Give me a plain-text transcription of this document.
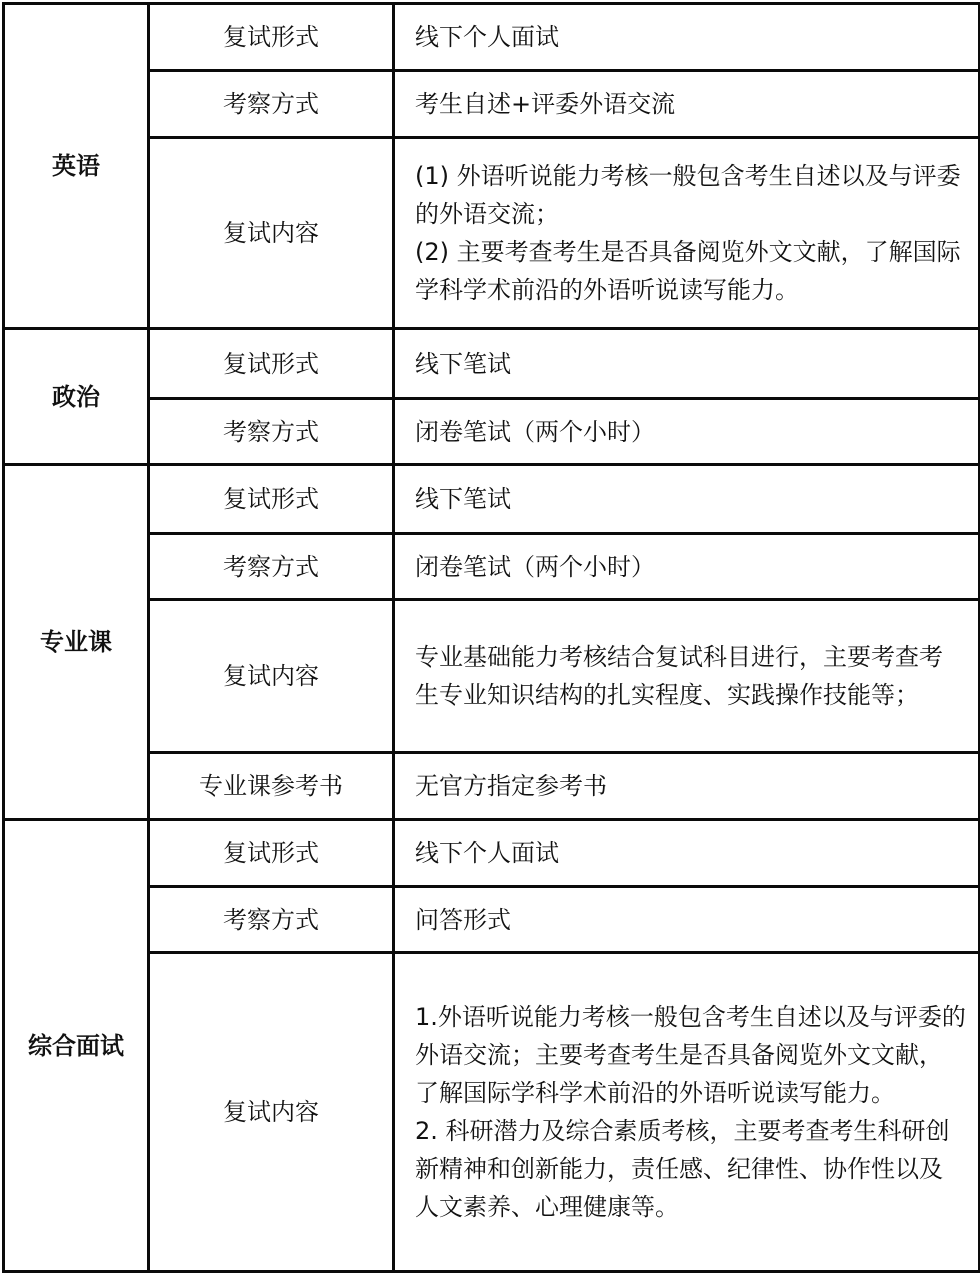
英语	复试形式	线下个人面试

	考察方式	考生自述+评委外语交流

	复试内容	(1) 外语听说能力考核一般包含考生自述以及与评委的外语交流；
(2) 主要考查考生是否具备阅览外文文献，了解国际学科学术前沿的外语听说读写能力。

政治	复试形式	线下笔试

	考察方式	闭卷笔试（两个小时）

专业课	复试形式	线下笔试

	考察方式	闭卷笔试（两个小时）

	复试内容	专业基础能力考核结合复试科目进行，主要考查考生专业知识结构的扎实程度、实践操作技能等；

	专业课参考书	无官方指定参考书

综合面试	复试形式	线下个人面试

	考察方式	问答形式

	复试内容	1.外语听说能力考核一般包含考生自述以及与评委的外语交流；主要考查考生是否具备阅览外文文献，了解国际学科学术前沿的外语听说读写能力。
2. 科研潜力及综合素质考核，主要考查考生科研创新精神和创新能力，责任感、纪律性、协作性以及人文素养、心理健康等。
